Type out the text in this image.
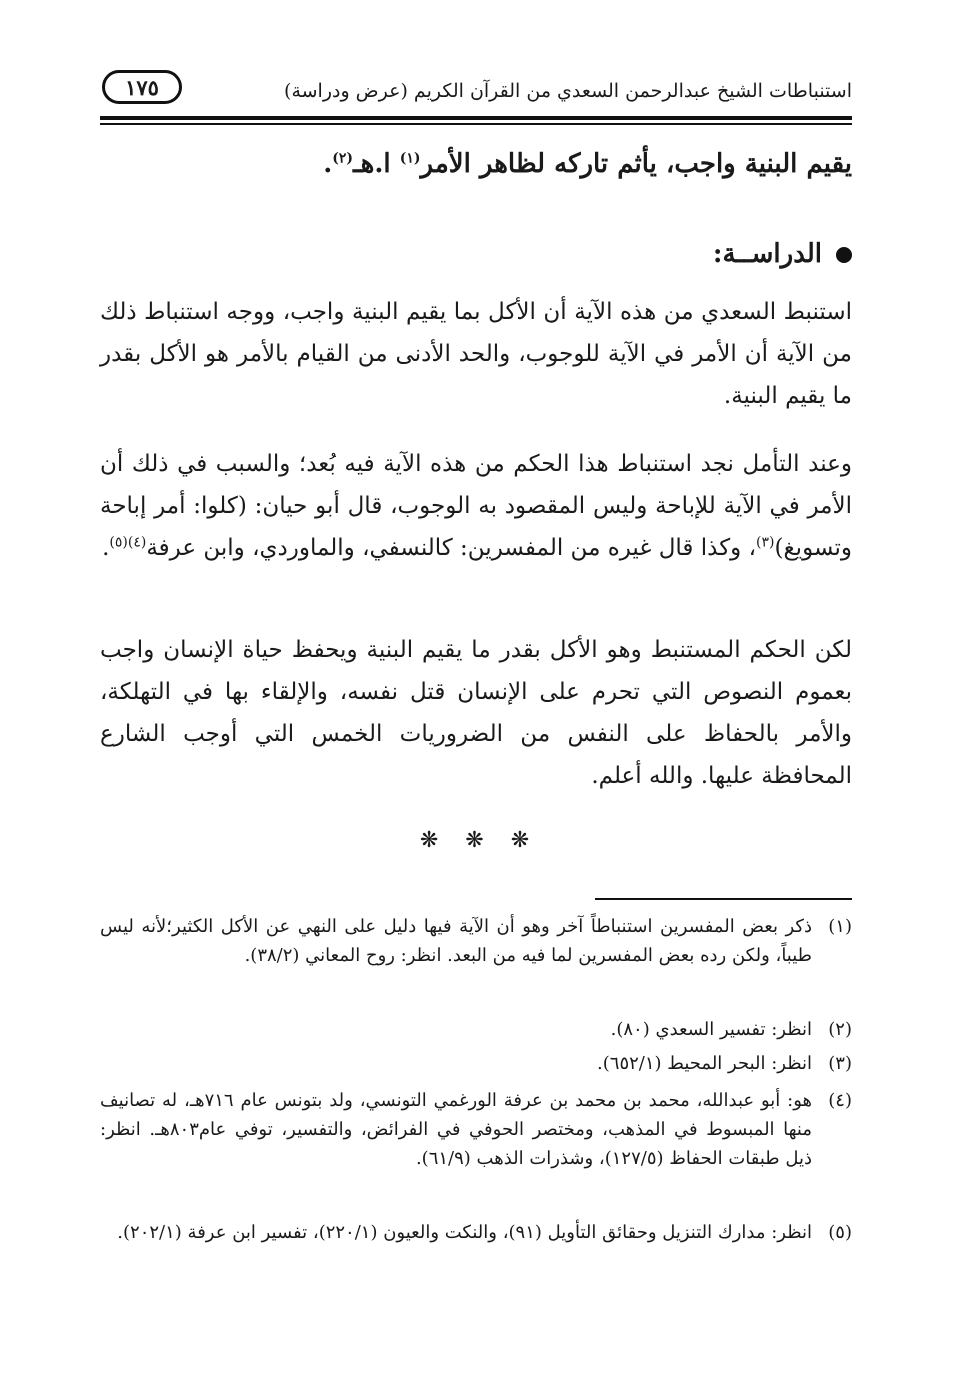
استنباطات الشيخ عبدالرحمن السعدي من القرآن الكريم (عرض ودراسة)
١٧٥
يقيم البنية واجب، يأثم تاركه لظاهر الأمر$^{(١)}$ ا.هـ$^{(٢)}$.
الدراســة:
استنبط السعدي من هذه الآية أن الأكل بما يقيم البنية واجب، ووجه استنباط ذلك من الآية أن الأمر في الآية للوجوب، والحد الأدنى من القيام بالأمر هو الأكل بقدر ما يقيم البنية.
وعند التأمل نجد استنباط هذا الحكم من هذه الآية فيه بُعد؛ والسبب في ذلك أن الأمر في الآية للإباحة وليس المقصود به الوجوب، قال أبو حيان: (كلوا: أمر إباحة وتسويغ)$^{(٣)}$، وكذا قال غيره من المفسرين: كالنسفي، والماوردي، وابن عرفة$^{(٤)(٥)}$.
لكن الحكم المستنبط وهو الأكل بقدر ما يقيم البنية ويحفظ حياة الإنسان واجب بعموم النصوص التي تحرم على الإنسان قتل نفسه، والإلقاء بها في التهلكة، والأمر بالحفاظ على النفس من الضروريات الخمس التي أوجب الشارع المحافظة عليها. والله أعلم.
❋ ❋ ❋
(١)
ذكر بعض المفسرين استنباطاً آخر وهو أن الآية فيها دليل على النهي عن الأكل الكثير؛لأنه ليس طيباً، ولكن رده بعض المفسرين لما فيه من البعد. انظر: روح المعاني (٣٨/٢).
(٢)
انظر: تفسير السعدي (٨٠).
(٣)
انظر: البحر المحيط (٦٥٢/١).
(٤)
هو: أبو عبدالله، محمد بن محمد بن عرفة الورغمي التونسي، ولد بتونس عام ٧١٦هـ، له تصانيف منها المبسوط في المذهب، ومختصر الحوفي في الفرائض، والتفسير، توفي عام٨٠٣هـ. انظر: ذيل طبقات الحفاظ (١٢٧/٥)، وشذرات الذهب (٦١/٩).
(٥)
انظر: مدارك التنزيل وحقائق التأويل (٩١)، والنكت والعيون (٢٢٠/١)، تفسير ابن عرفة (٢٠٢/١).
